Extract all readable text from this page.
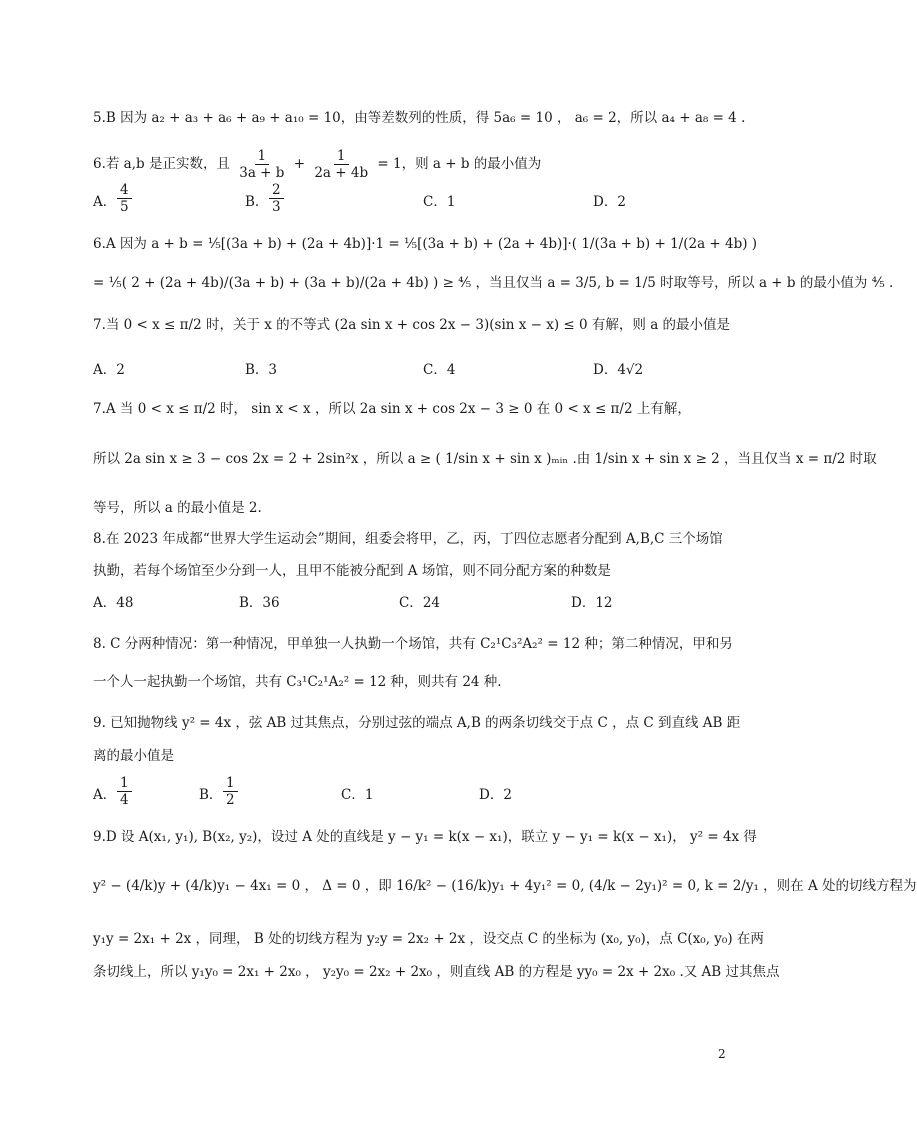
5.B 因为 a₂ + a₃ + a₆ + a₉ + a₁₀ = 10，由等差数列的性质，得 5a₆ = 10 ， a₆ = 2，所以 a₄ + a₈ = 4 .
6.若 a,b 是正实数，且 $\frac{1}{3a + b} + \frac{1}{2a + 4b} = 1$，则 a + b 的最小值为
A． $\frac{4}{5}$	B． $\frac{2}{3}$	C．1	D．2
6.A 因为 a + b = ⅕[(3a + b) + (2a + 4b)]·1 = ⅕[(3a + b) + (2a + 4b)]·( 1/(3a + b) + 1/(2a + 4b) )
= ⅕( 2 + (2a + 4b)/(3a + b) + (3a + b)/(2a + 4b) ) ≥ ⅘ ，当且仅当 a = 3/5, b = 1/5 时取等号，所以 a + b 的最小值为 ⅘ .
7.当 0 < x ≤ π/2 时，关于 x 的不等式 (2a sin x + cos 2x − 3)(sin x − x) ≤ 0 有解，则 a 的最小值是
A．2	B．3	C．4	D．4√2
7.A 当 0 < x ≤ π/2 时， sin x < x ，所以 2a sin x + cos 2x − 3 ≥ 0 在 0 < x ≤ π/2 上有解，
所以 2a sin x ≥ 3 − cos 2x = 2 + 2sin²x ，所以 a ≥ ( 1/sin x + sin x )ₘᵢₙ .由 1/sin x + sin x ≥ 2 ，当且仅当 x = π/2 时取
等号，所以 a 的最小值是 2.
8.在 2023 年成都“世界大学生运动会”期间，组委会将甲，乙，丙，丁四位志愿者分配到 A,B,C 三个场馆
执勤，若每个场馆至少分到一人，且甲不能被分配到 A 场馆，则不同分配方案的种数是
A．48	B．36	C．24	D．12
8. C 分两种情况：第一种情况，甲单独一人执勤一个场馆，共有 C₂¹C₃²A₂² = 12 种；第二种情况，甲和另
一个人一起执勤一个场馆，共有 C₃¹C₂¹A₂² = 12 种，则共有 24 种.
9. 已知抛物线 y² = 4x ，弦 AB 过其焦点，分别过弦的端点 A,B 的两条切线交于点 C ，点 C 到直线 AB 距
离的最小值是
A． $\frac{1}{4}$	B． $\frac{1}{2}$	C．1	D．2
9.D 设 A(x₁, y₁), B(x₂, y₂)，设过 A 处的直线是 y − y₁ = k(x − x₁)，联立 y − y₁ = k(x − x₁)， y² = 4x 得
y² − (4/k)y + (4/k)y₁ − 4x₁ = 0 ， Δ = 0 ，即 16/k² − (16/k)y₁ + 4y₁² = 0, (4/k − 2y₁)² = 0, k = 2/y₁ ，则在 A 处的切线方程为
y₁y = 2x₁ + 2x ，同理， B 处的切线方程为 y₂y = 2x₂ + 2x ，设交点 C 的坐标为 (x₀, y₀)，点 C(x₀, y₀) 在两
条切线上，所以 y₁y₀ = 2x₁ + 2x₀ ， y₂y₀ = 2x₂ + 2x₀ ，则直线 AB 的方程是 yy₀ = 2x + 2x₀ .又 AB 过其焦点
2
